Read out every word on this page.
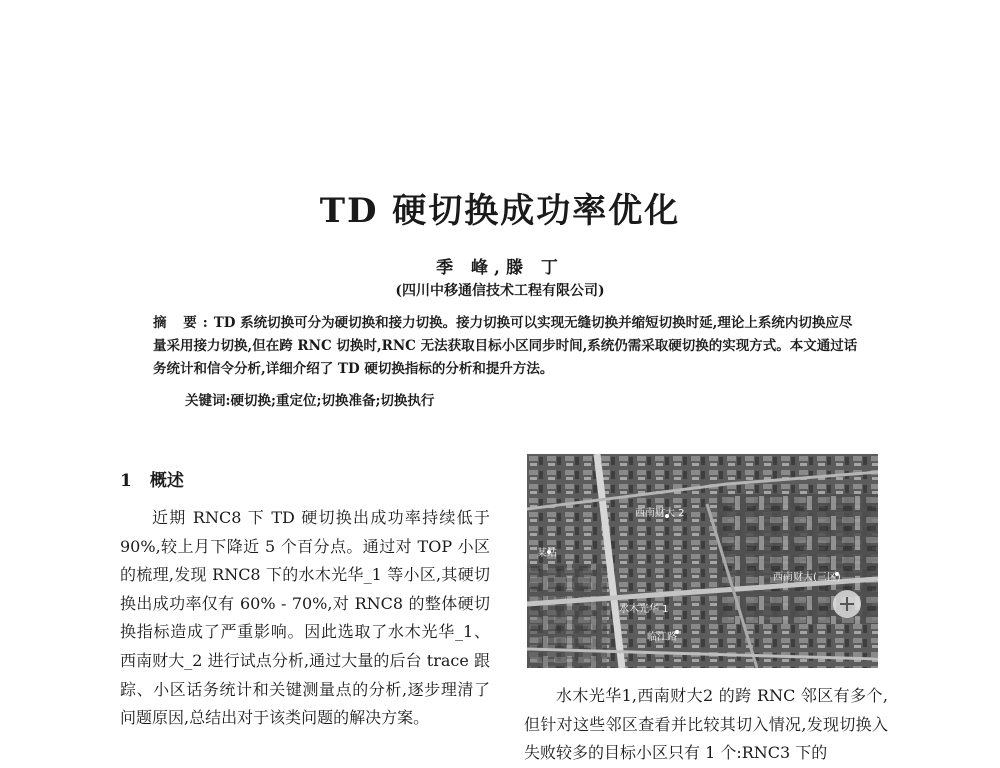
TD 硬切换成功率优化
季 峰,滕 丁
(四川中移通信技术工程有限公司)
摘 要:TD 系统切换可分为硬切换和接力切换。接力切换可以实现无缝切换并缩短切换时延,理论上系统内切换应尽量采用接力切换,但在跨 RNC 切换时,RNC 无法获取目标小区同步时间,系统仍需采取硬切换的实现方式。本文通过话务统计和信令分析,详细介绍了 TD 硬切换指标的分析和提升方法。
关键词:硬切换;重定位;切换准备;切换执行
1 概述
近期 RNC8 下 TD 硬切换出成功率持续低于 90%,较上月下降近 5 个百分点。通过对 TOP 小区的梳理,发现 RNC8 下的水木光华_1 等小区,其硬切换出成功率仅有 60% - 70%,对 RNC8 的整体硬切换指标造成了严重影响。因此选取了水木光华_1、西南财大_2 进行试点分析,通过大量的后台 trace 跟踪、小区话务统计和关键测量点的分析,逐步理清了问题原因,总结出对于该类问题的解决方案。
西南财大 2
某站
西南财大(三区)
水木光华 1
临江路
水木光华1,西南财大2 的跨 RNC 邻区有多个,但针对这些邻区查看并比较其切入情况,发现切换入失败较多的目标小区只有 1 个:RNC3 下的
